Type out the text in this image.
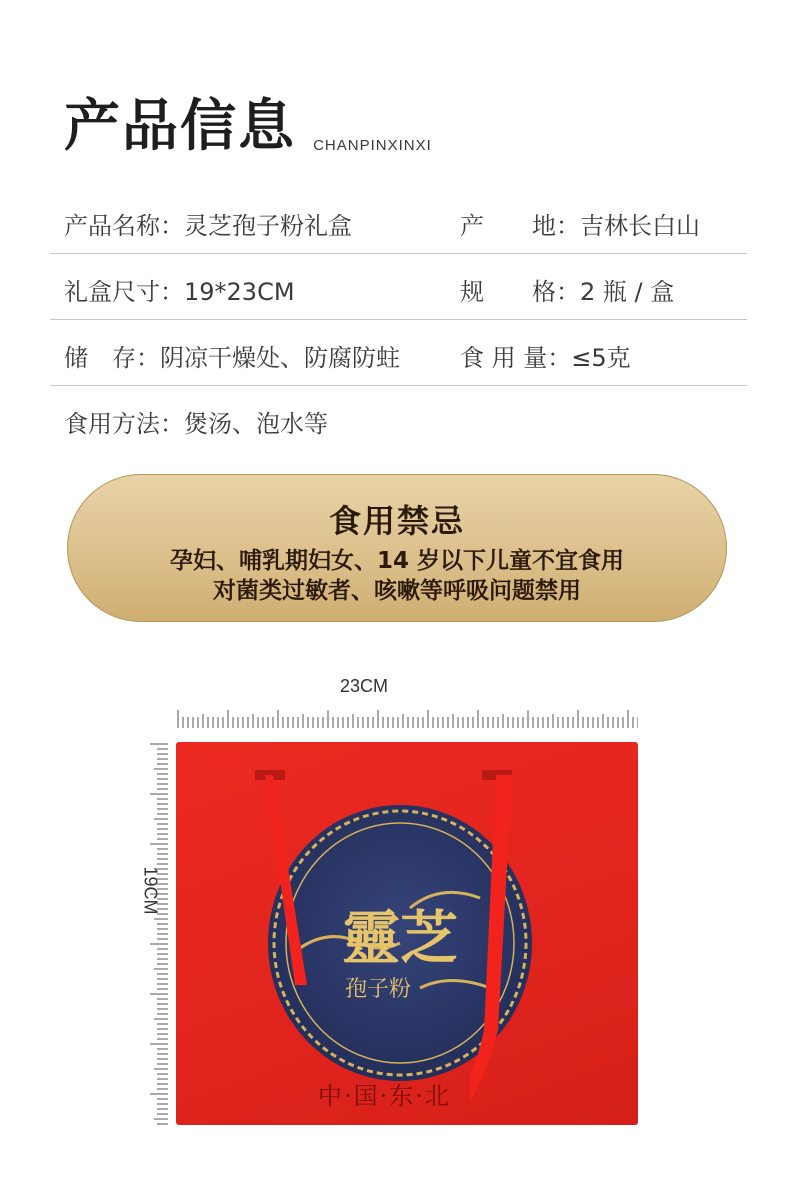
产品信息 CHANPINXINXI
产品名称：灵芝孢子粉礼盒	产　　地：吉林长白山
礼盒尺寸：19*23CM	规　　格：2 瓶 / 盒
储　存：阴凉干燥处、防腐防蛀	食 用 量：≤5克
食用方法：煲汤、泡水等
食用禁忌
孕妇、哺乳期妇女、14 岁以下儿童不宜食用
对菌类过敏者、咳嗽等呼吸问题禁用
23CM
19CM
靈芝
孢子粉
中·国·东·北
